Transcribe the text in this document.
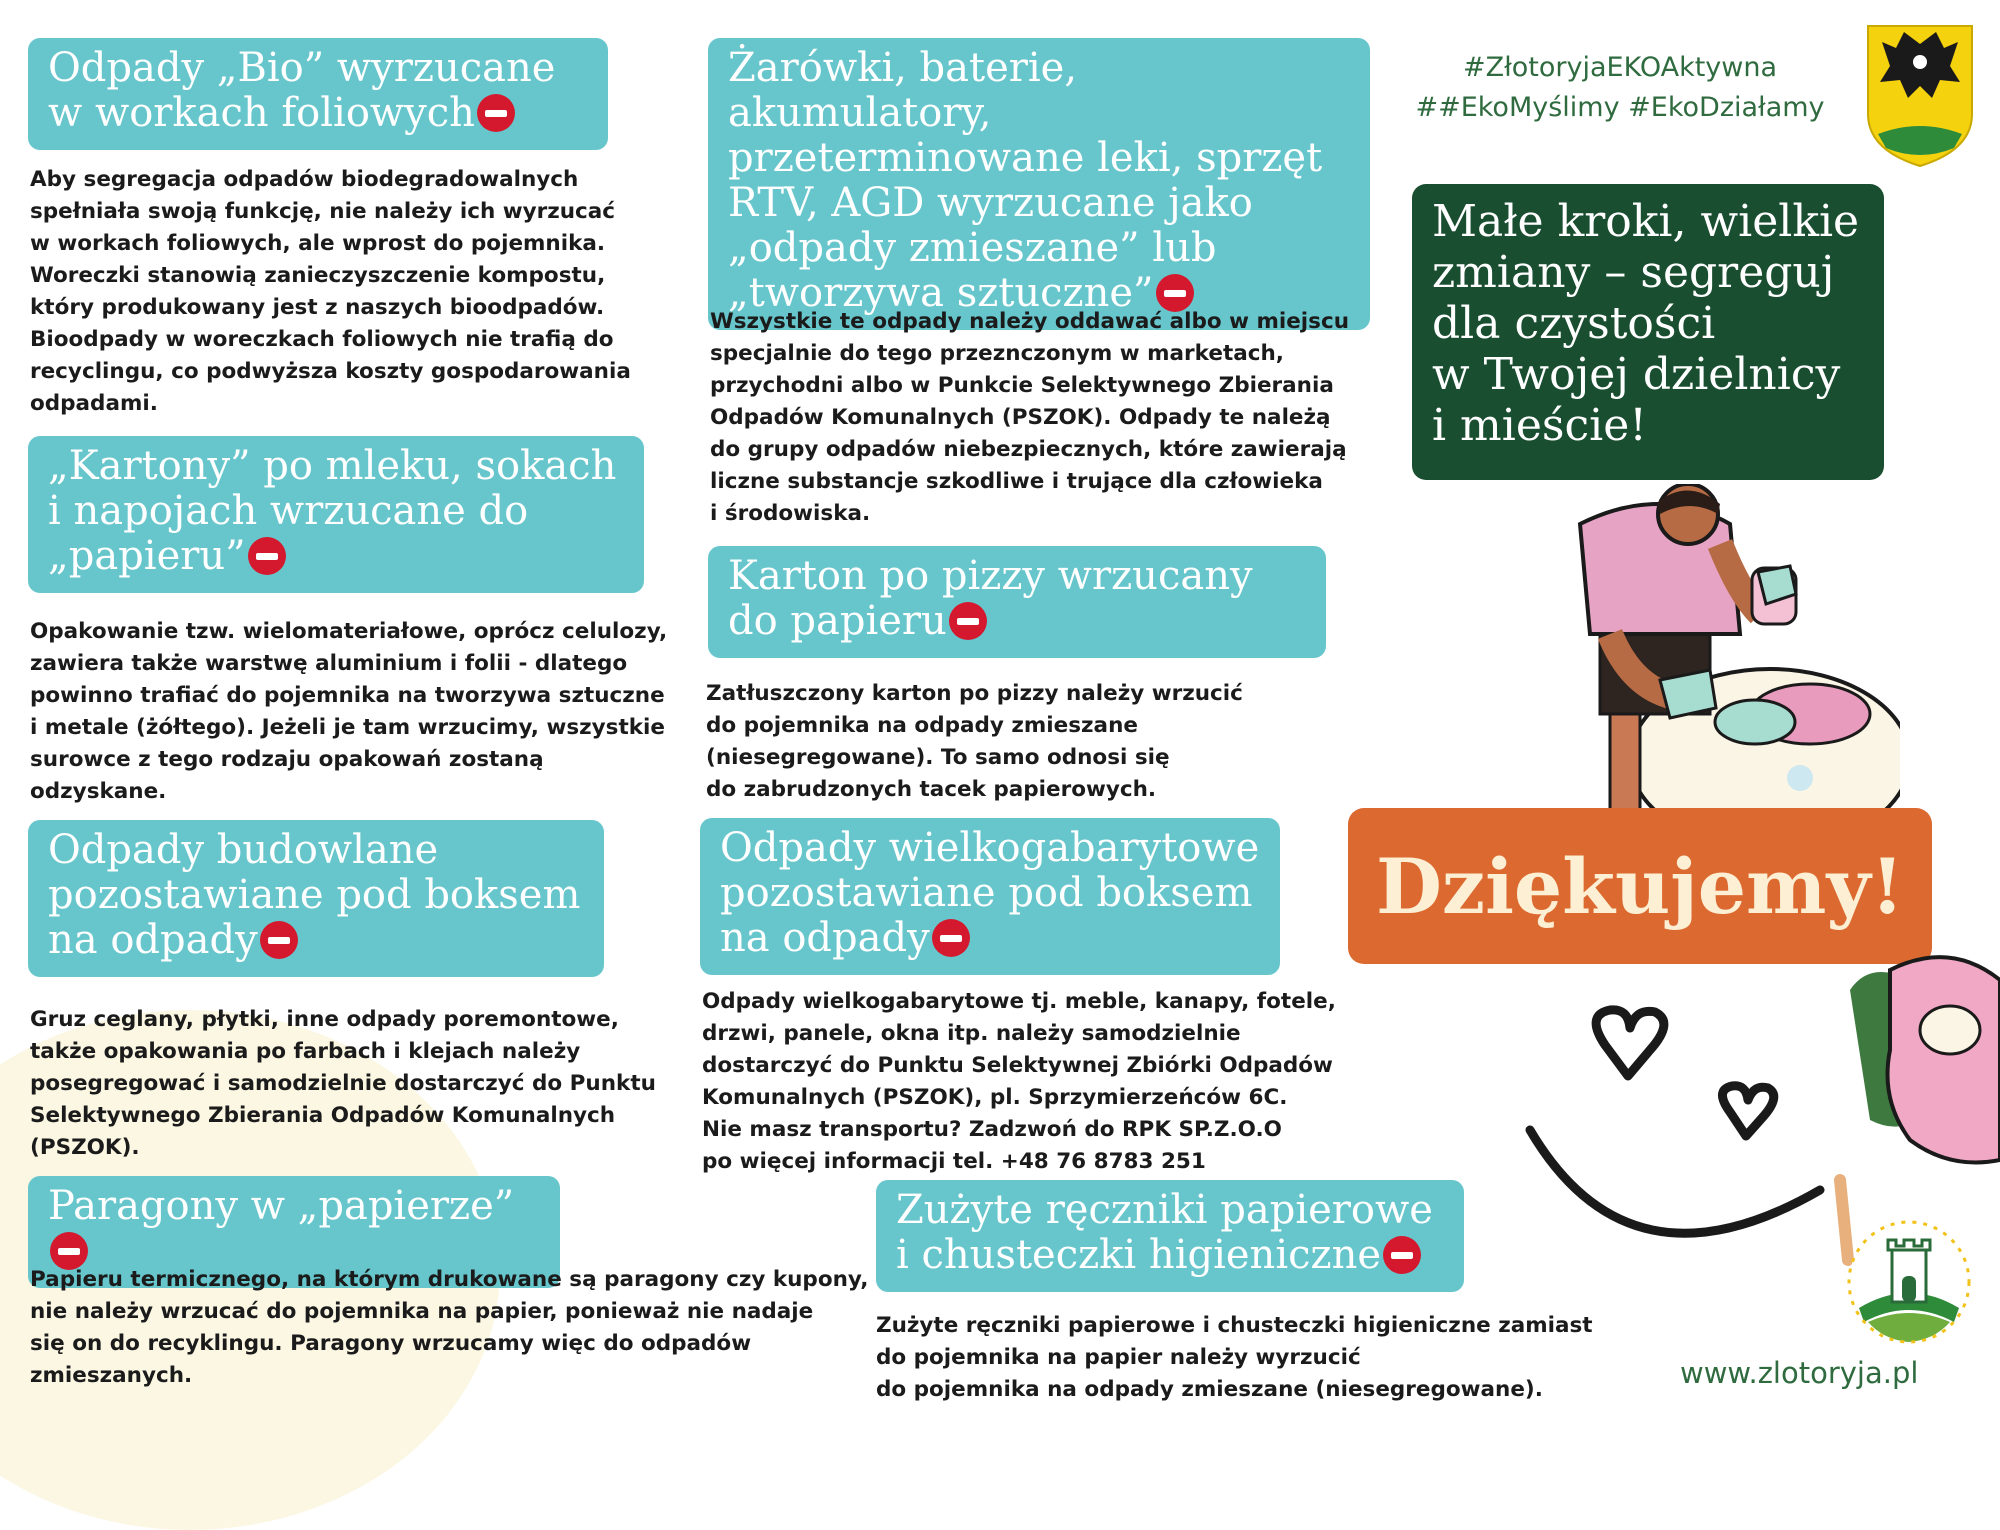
Odpady „Bio” wyrzucane w workach foliowych
Aby segregacja odpadów biodegradowalnych
spełniała swoją funkcję, nie należy ich wyrzucać
w workach foliowych, ale wprost do pojemnika.
Woreczki stanowią zanieczyszczenie kompostu,
który produkowany jest z naszych bioodpadów.
Bioodpady w woreczkach foliowych nie trafią do
recyclingu, co podwyższa koszty gospodarowania
odpadami.
„Kartony” po mleku, sokach i napojach wrzucane do „papieru”
Opakowanie tzw. wielomateriałowe, oprócz celulozy,
zawiera także warstwę aluminium i folii - dlatego
powinno trafiać do pojemnika na tworzywa sztuczne
i metale (żółtego). Jeżeli je tam wrzucimy, wszystkie
surowce z tego rodzaju opakowań zostaną
odzyskane.
Odpady budowlane pozostawiane pod boksem na odpady
Gruz ceglany, płytki, inne odpady poremontowe,
także opakowania po farbach i klejach należy
posegregować i samodzielnie dostarczyć do Punktu
Selektywnego Zbierania Odpadów Komunalnych
(PSZOK).
Paragony w „papierze”
Papieru termicznego, na którym drukowane są paragony czy kupony,
nie należy wrzucać do pojemnika na papier, ponieważ nie nadaje
się on do recyklingu. Paragony wrzucamy więc do odpadów
zmieszanych.
Żarówki, baterie, akumulatory, przeterminowane leki, sprzęt RTV, AGD wyrzucane jako „odpady zmieszane” lub „tworzywa sztuczne”
Wszystkie te odpady należy oddawać albo w miejscu
specjalnie do tego przeznczonym w marketach,
przychodni albo w Punkcie Selektywnego Zbierania
Odpadów Komunalnych (PSZOK). Odpady te należą
do grupy odpadów niebezpiecznych, które zawierają
liczne substancje szkodliwe i trujące dla człowieka
i środowiska.
Karton po pizzy wrzucany do papieru
Zatłuszczony karton po pizzy należy wrzucić
do pojemnika na odpady zmieszane
(niesegregowane). To samo odnosi się
do zabrudzonych tacek papierowych.
Odpady wielkogabarytowe pozostawiane pod boksem na odpady
Odpady wielkogabarytowe tj. meble, kanapy, fotele,
drzwi, panele, okna itp. należy samodzielnie
dostarczyć do Punktu Selektywnej Zbiórki Odpadów
Komunalnych (PSZOK), pl. Sprzymierzeńców 6C.
Nie masz transportu? Zadzwoń do RPK SP.Z.O.O
po więcej informacji tel. +48 76 8783 251
Zużyte ręczniki papierowe i chusteczki higieniczne
Zużyte ręczniki papierowe i chusteczki higieniczne zamiast
do pojemnika na papier należy wyrzucić
do pojemnika na odpady zmieszane (niesegregowane).
#ZłotoryjaEKOAktywna
##EkoMyślimy #EkoDziałamy
Małe kroki, wielkie
zmiany – segreguj
dla czystości
w Twojej dzielnicy
i mieście!
Dziękujemy!
www.zlotoryja.pl
